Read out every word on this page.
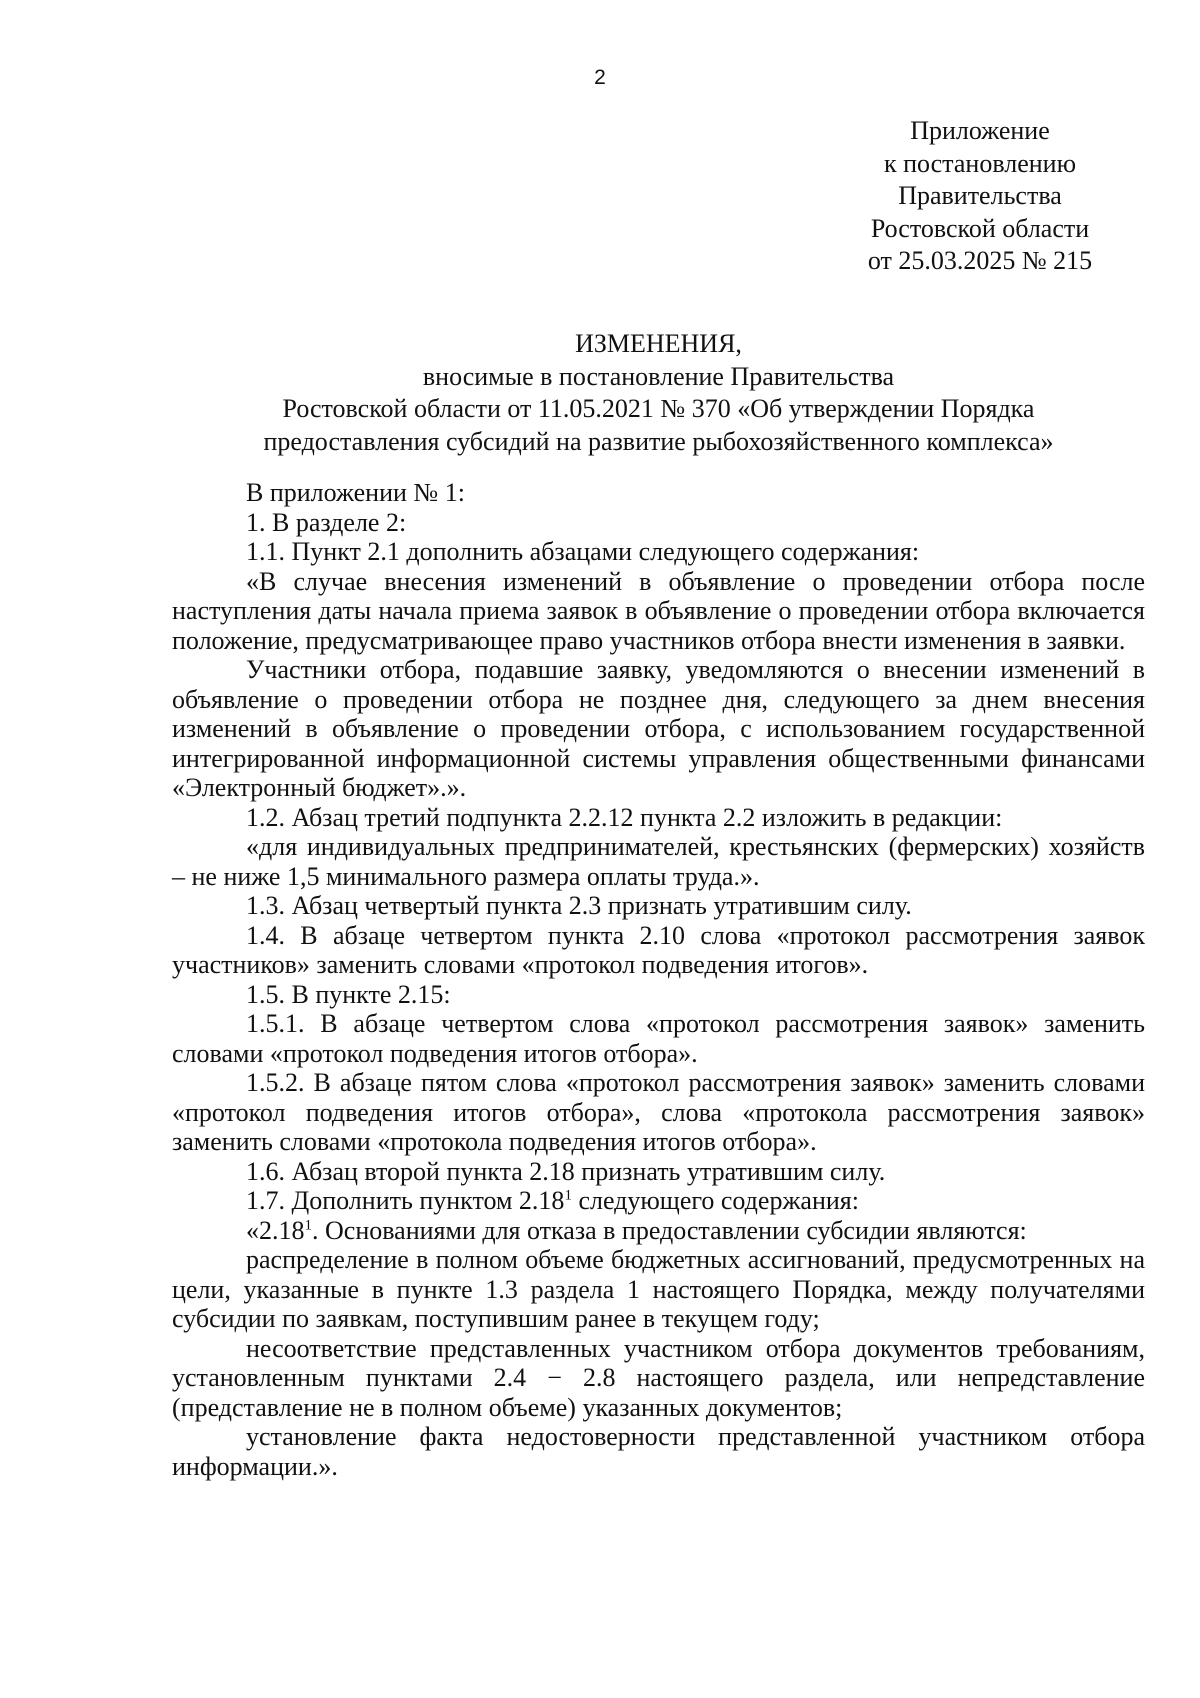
2
Приложение
к постановлению
Правительства
Ростовской области
от 25.03.2025 № 215
ИЗМЕНЕНИЯ,
вносимые в постановление Правительства
Ростовской области от 11.05.2021 № 370 «Об утверждении Порядка
предоставления субсидий на развитие рыбохозяйственного комплекса»

В приложении № 1:

1. В разделе 2:

1.1. Пункт 2.1 дополнить абзацами следующего содержания:

«В случае внесения изменений в объявление о проведении отбора после наступления даты начала приема заявок в объявление о проведении отбора включается положение, предусматривающее право участников отбора внести изменения в заявки.

Участники отбора, подавшие заявку, уведомляются о внесении изменений в объявление о проведении отбора не позднее дня, следующего за днем внесения изменений в объявление о проведении отбора, с использованием государственной интегрированной информационной системы управления общественными финансами «Электронный бюджет».».

1.2. Абзац третий подпункта 2.2.12 пункта 2.2 изложить в редакции:

«для индивидуальных предпринимателей, крестьянских (фермерских) хозяйств – не ниже 1,5 минимального размера оплаты труда.».

1.3. Абзац четвертый пункта 2.3 признать утратившим силу.

1.4. В абзаце четвертом пункта 2.10 слова «протокол рассмотрения заявок участников» заменить словами «протокол подведения итогов».

1.5. В пункте 2.15:

1.5.1. В абзаце четвертом слова «протокол рассмотрения заявок» заменить словами «протокол подведения итогов отбора».

1.5.2. В абзаце пятом слова «протокол рассмотрения заявок» заменить словами «протокол подведения итогов отбора», слова «протокола рассмотрения заявок» заменить словами «протокола подведения итогов отбора».

1.6. Абзац второй пункта 2.18 признать утратившим силу.

1.7. Дополнить пунктом 2.18$^1$ следующего содержания:

«2.18$^1$. Основаниями для отказа в предоставлении субсидии являются:

распределение в полном объеме бюджетных ассигнований, предусмотренных на цели, указанные в пункте 1.3 раздела 1 настоящего Порядка, между получателями субсидии по заявкам, поступившим ранее в текущем году;

несоответствие представленных участником отбора документов требованиям, установленным пунктами 2.4 − 2.8 настоящего раздела, или непредставление (представление не в полном объеме) указанных документов;

установление факта недостоверности представленной участником отбора информации.».
